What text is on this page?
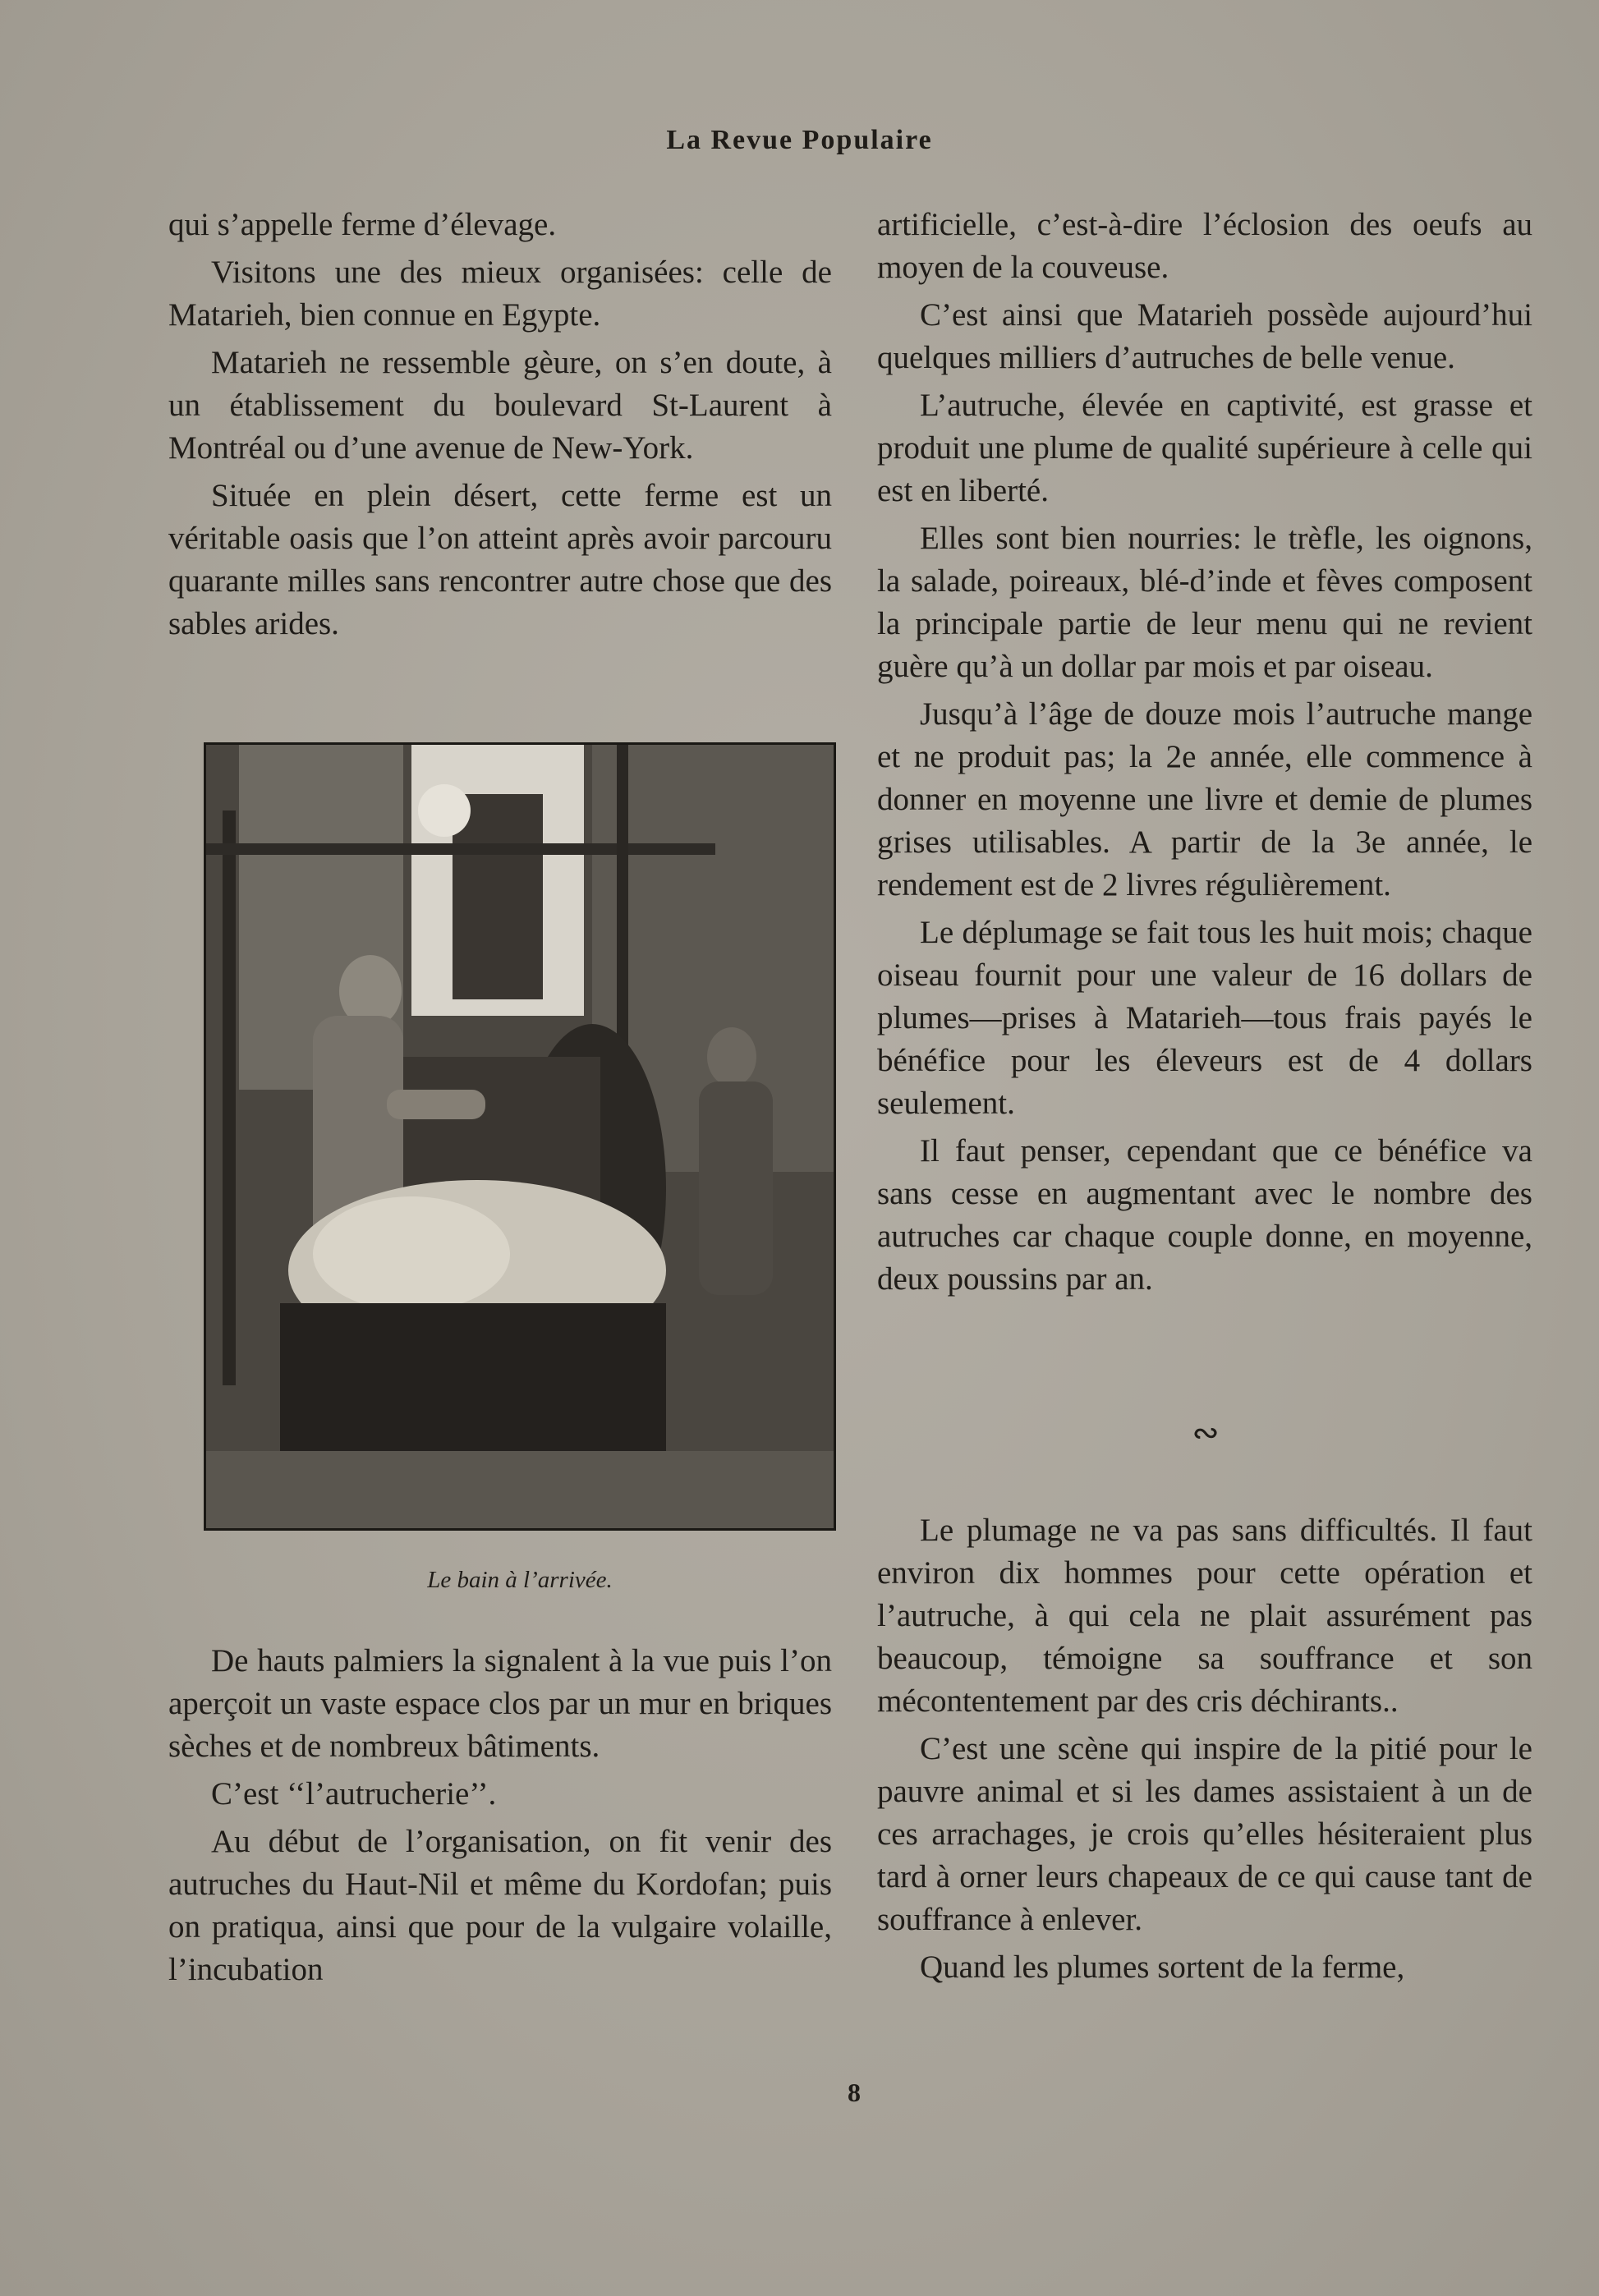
La Revue Populaire

qui s’appelle ferme d’élevage.

Visitons une des mieux organisées: celle de Matarieh, bien connue en Egypte.

Matarieh ne ressemble gèure, on s’en doute, à un établissement du boulevard St-Laurent à Montréal ou d’une avenue de New-York.

Située en plein désert, cette ferme est un véritable oasis que l’on atteint après avoir parcouru quarante milles sans rencontrer autre chose que des sables arides.

Le bain à l’arrivée.

De hauts palmiers la signalent à la vue puis l’on aperçoit un vaste espace clos par un mur en briques sèches et de nombreux bâtiments.

C’est ‘‘l’autrucherie’’.

Au début de l’organisation, on fit venir des autruches du Haut-Nil et même du Kordofan; puis on pratiqua, ainsi que pour de la vulgaire volaille, l’incubation

artificielle, c’est-à-dire l’éclosion des oeufs au moyen de la couveuse.

C’est ainsi que Matarieh possède aujourd’hui quelques milliers d’autruches de belle venue.

L’autruche, élevée en captivité, est grasse et produit une plume de qualité supérieure à celle qui est en liberté.

Elles sont bien nourries: le trèfle, les oignons, la salade, poireaux, blé-d’inde et fèves composent la principale partie de leur menu qui ne revient guère qu’à un dollar par mois et par oiseau.

Jusqu’à l’âge de douze mois l’autruche mange et ne produit pas; la 2e année, elle commence à donner en moyenne une livre et demie de plumes grises utilisables. A partir de la 3e année, le rendement est de 2 livres régulièrement.

Le déplumage se fait tous les huit mois; chaque oiseau fournit pour une valeur de 16 dollars de plumes—prises à Matarieh—tous frais payés le bénéfice pour les éleveurs est de 4 dollars seulement.

Il faut penser, cependant que ce bénéfice va sans cesse en augmentant avec le nombre des autruches car chaque couple donne, en moyenne, deux poussins par an.

∾

Le plumage ne va pas sans difficultés. Il faut environ dix hommes pour cette opération et l’autruche, à qui cela ne plait assurément pas beaucoup, témoigne sa souffrance et son mécontentement par des cris déchirants..

C’est une scène qui inspire de la pitié pour le pauvre animal et si les dames assistaient à un de ces arrachages, je crois qu’elles hésiteraient plus tard à orner leurs chapeaux de ce qui cause tant de souffrance à enlever.

Quand les plumes sortent de la ferme,

8
